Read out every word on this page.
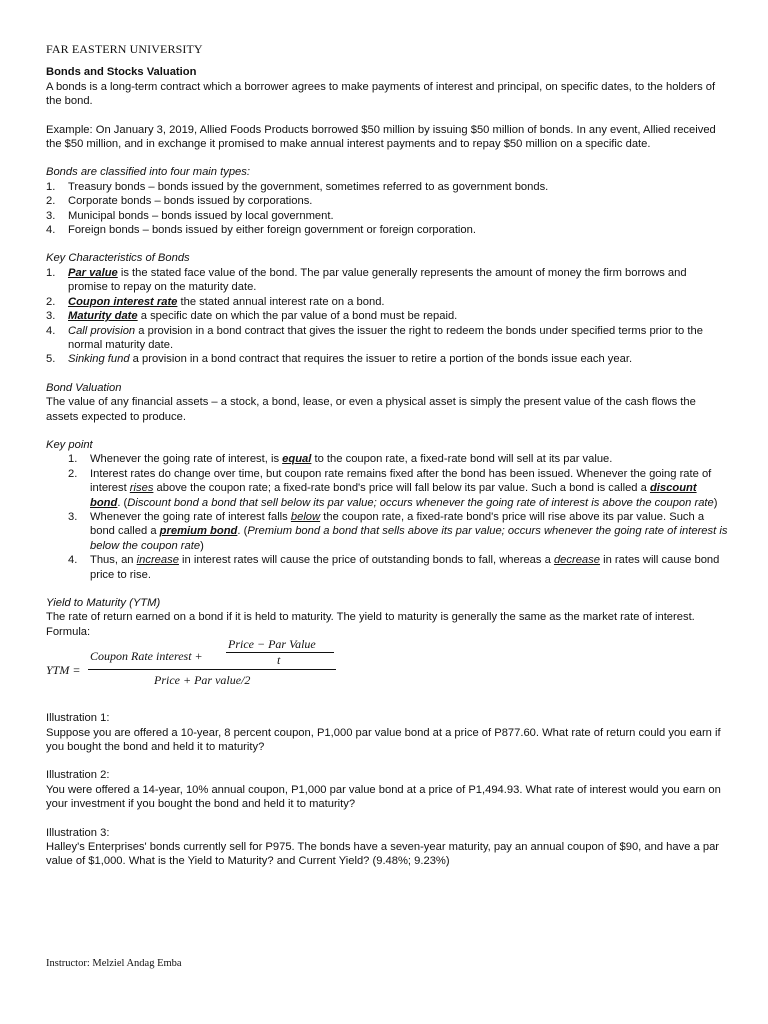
FAR EASTERN UNIVERSITY

Bonds and Stocks Valuation

A bonds is a long-term contract which a borrower agrees to make payments of interest and principal, on specific dates, to the holders of the bond.

Example: On January 3, 2019, Allied Foods Products borrowed $50 million by issuing $50 million of bonds. In any event, Allied received the $50 million, and in exchange it promised to make annual interest payments and to repay $50 million on a specific date.

Bonds are classified into four main types:

1. Treasury bonds – bonds issued by the government, sometimes referred to as government bonds.
2. Corporate bonds – bonds issued by corporations.
3. Municipal bonds – bonds issued by local government.
4. Foreign bonds – bonds issued by either foreign government or foreign corporation.

Key Characteristics of Bonds

1. Par value is the stated face value of the bond. The par value generally represents the amount of money the firm borrows and promise to repay on the maturity date.
2. Coupon interest rate the stated annual interest rate on a bond.
3. Maturity date a specific date on which the par value of a bond must be repaid.
4. Call provision a provision in a bond contract that gives the issuer the right to redeem the bonds under specified terms prior to the normal maturity date.
5. Sinking fund a provision in a bond contract that requires the issuer to retire a portion of the bonds issue each year.

Bond Valuation

The value of any financial assets – a stock, a bond, lease, or even a physical asset is simply the present value of the cash flows the assets expected to produce.

Key point

1. Whenever the going rate of interest, is equal to the coupon rate, a fixed-rate bond will sell at its par value.
2. Interest rates do change over time, but coupon rate remains fixed after the bond has been issued. Whenever the going rate of interest rises above the coupon rate; a fixed-rate bond's price will fall below its par value. Such a bond is called a discount bond. (Discount bond a bond that sell below its par value; occurs whenever the going rate of interest is above the coupon rate)
3. Whenever the going rate of interest falls below the coupon rate, a fixed-rate bond's price will rise above its par value. Such a bond called a premium bond. (Premium bond a bond that sells above its par value; occurs whenever the going rate of interest is below the coupon rate)
4. Thus, an increase in interest rates will cause the price of outstanding bonds to fall, whereas a decrease in rates will cause bond price to rise.

Yield to Maturity (YTM)

The rate of return earned on a bond if it is held to maturity. The yield to maturity is generally the same as the market rate of interest.

Formula:

YTM =
Coupon Rate interest +
Price − Par Value
t
Price + Par value/2

Illustration 1:

Suppose you are offered a 10-year, 8 percent coupon, P1,000 par value bond at a price of P877.60. What rate of return could you earn if you bought the bond and held it to maturity?

Illustration 2:

You were offered a 14-year, 10% annual coupon, P1,000 par value bond at a price of P1,494.93. What rate of interest would you earn on your investment if you bought the bond and held it to maturity?

Illustration 3:

Halley's Enterprises' bonds currently sell for P975. The bonds have a seven-year maturity, pay an annual coupon of $90, and have a par value of $1,000. What is the Yield to Maturity? and Current Yield? (9.48%; 9.23%)

Instructor: Melziel Andag Emba
